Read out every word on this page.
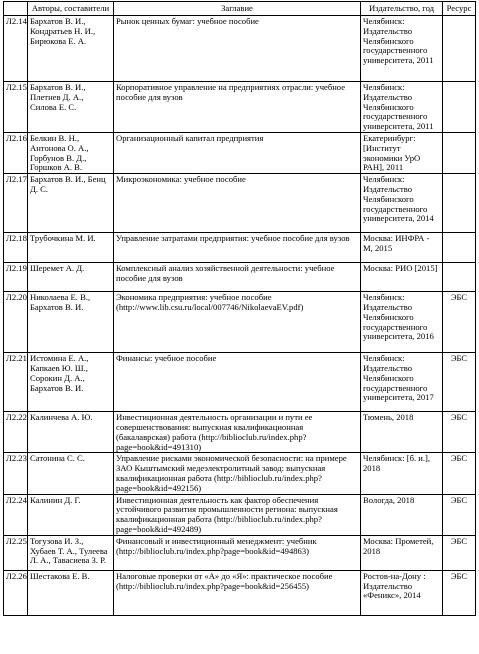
	Авторы, составители	Заглавие	Издательство, год	Ресурс
Л2.14	Бархатов В. И., Кондратьев Н. И., Бирюкова Е. А.	Рынок ценных бумаг: учебное пособие	Челябинск: Издательство Челябинского государственного университета, 2011	
Л2.15	Бархатов В. И., Плетнев Д. А., Силова Е. С.	Корпоративное управление на предприятиях отрасли: учебное пособие для вузов	Челябинск: Издательство Челябинского государственного университета, 2011	
Л2.16	Белкин В. Н., Антонова О. А., Горбунов В. Д., Горшков А. В.	Организационный капитал предприятия	Екатеринбург: [Институт экономики УрО РАН], 2011	
Л2.17	Бархатов В. И., Бенц Д. С.	Микроэкономика: учебное пособие	Челябинск: Издательство Челябинского государственного университета, 2014	
Л2.18	Трубочкина М. И.	Управление затратами предприятия: учебное пособие для вузов	Москва: ИНФРА - М, 2015	
Л2.19	Шеремет А. Д.	Комплексный анализ хозяйственной деятельности: учебное пособие для вузов	Москва: РИО [2015]	
Л2.20	Николаева Е. В., Бархатов В. И.	Экономика предприятия: учебное пособие (http://www.lib.csu.ru/local/007746/NikolaevaEV.pdf)	Челябинск: Издательство Челябинского государственного университета, 2016	ЭБС
Л2.21	Истомина Е. А., Капкаев Ю. Ш., Сорокин Д. А., Бархатов В. И.	Финансы: учебное пособие	Челябинск: Издательство Челябинского государственного университета, 2017	ЭБС
Л2.22	Калинчева А. Ю.	Инвестиционная деятельность организации и пути ее совершенствования: выпускная квалификационная (бакалаврская) работа (http://biblioclub.ru/index.php?page=book&id=491310)	Тюмень, 2018	ЭБС
Л2.23	Сатонина С. С.	Управление рисками экономической безопасности: на примере ЗАО Кыштымский медеэлектролитный завод: выпускная квалификационная работа (http://biblioclub.ru/index.php?page=book&id=492156)	Челябинск: [б. и.], 2018	ЭБС
Л2.24	Калинин Д. Г.	Инвестиционная деятельность как фактор обеспечения устойчивого развития промышленности региона: выпускная квалификационная работа (http://biblioclub.ru/index.php?page=book&id=492489)	Вологда, 2018	ЭБС
Л2.25	Тогузова И. З., Хубаев Т. А., Тулеева Л. А., Тавасиева З. Р.	Финансовый и инвестиционный менеджмент: учебник (http://biblioclub.ru/index.php?page=book&id=494863)	Москва: Прометей, 2018	ЭБС
Л2.26	Шестакова Е. В.	Налоговые проверки от «А» до «Я»: практическое пособие (http://biblioclub.ru/index.php?page=book&id=256455)	Ростов-на-Дону : Издательство «Феникс», 2014	ЭБС
